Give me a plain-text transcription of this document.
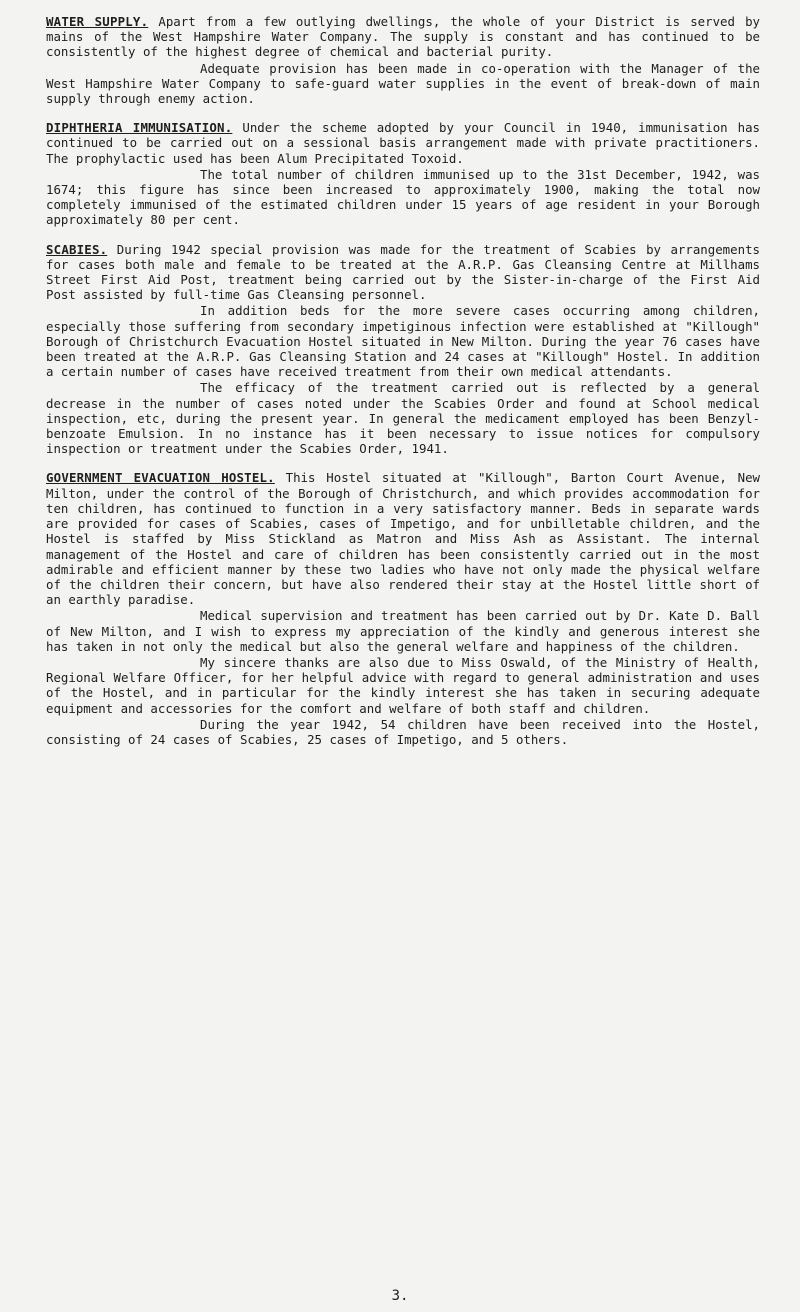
WATER SUPPLY. Apart from a few outlying dwellings, the whole of your District is served by mains of the West Hampshire Water Company. The supply is constant and has continued to be consistently of the highest degree of chemical and bacterial purity.

Adequate provision has been made in co-operation with the Manager of the West Hampshire Water Company to safe-guard water supplies in the event of break-down of main supply through enemy action.

DIPHTHERIA IMMUNISATION. Under the scheme adopted by your Council in 1940, immunisation has continued to be carried out on a sessional basis arrangement made with private practitioners. The prophylactic used has been Alum Precipitated Toxoid.

The total number of children immunised up to the 31st December, 1942, was 1674; this figure has since been increased to approximately 1900, making the total now completely immunised of the estimated children under 15 years of age resident in your Borough approximately 80 per cent.

SCABIES. During 1942 special provision was made for the treatment of Scabies by arrangements for cases both male and female to be treated at the A.R.P. Gas Cleansing Centre at Millhams Street First Aid Post, treatment being carried out by the Sister-in-charge of the First Aid Post assisted by full-time Gas Cleansing personnel.

In addition beds for the more severe cases occurring among children, especially those suffering from secondary impetiginous infection were established at "Killough" Borough of Christchurch Evacuation Hostel situated in New Milton. During the year 76 cases have been treated at the A.R.P. Gas Cleansing Station and 24 cases at "Killough" Hostel. In addition a certain number of cases have received treatment from their own medical attendants.

The efficacy of the treatment carried out is reflected by a general decrease in the number of cases noted under the Scabies Order and found at School medical inspection, etc, during the present year. In general the medicament employed has been Benzyl-benzoate Emulsion. In no instance has it been necessary to issue notices for compulsory inspection or treatment under the Scabies Order, 1941.

GOVERNMENT EVACUATION HOSTEL. This Hostel situated at "Killough", Barton Court Avenue, New Milton, under the control of the Borough of Christchurch, and which provides accommodation for ten children, has continued to function in a very satisfactory manner. Beds in separate wards are provided for cases of Scabies, cases of Impetigo, and for unbilletable children, and the Hostel is staffed by Miss Stickland as Matron and Miss Ash as Assistant. The internal management of the Hostel and care of children has been consistently carried out in the most admirable and efficient manner by these two ladies who have not only made the physical welfare of the children their concern, but have also rendered their stay at the Hostel little short of an earthly paradise.

Medical supervision and treatment has been carried out by Dr. Kate D. Ball of New Milton, and I wish to express my appreciation of the kindly and generous interest she has taken in not only the medical but also the general welfare and happiness of the children.

My sincere thanks are also due to Miss Oswald, of the Ministry of Health, Regional Welfare Officer, for her helpful advice with regard to general administration and uses of the Hostel, and in particular for the kindly interest she has taken in securing adequate equipment and accessories for the comfort and welfare of both staff and children.

During the year 1942, 54 children have been received into the Hostel, consisting of 24 cases of Scabies, 25 cases of Impetigo, and 5 others.

3.
